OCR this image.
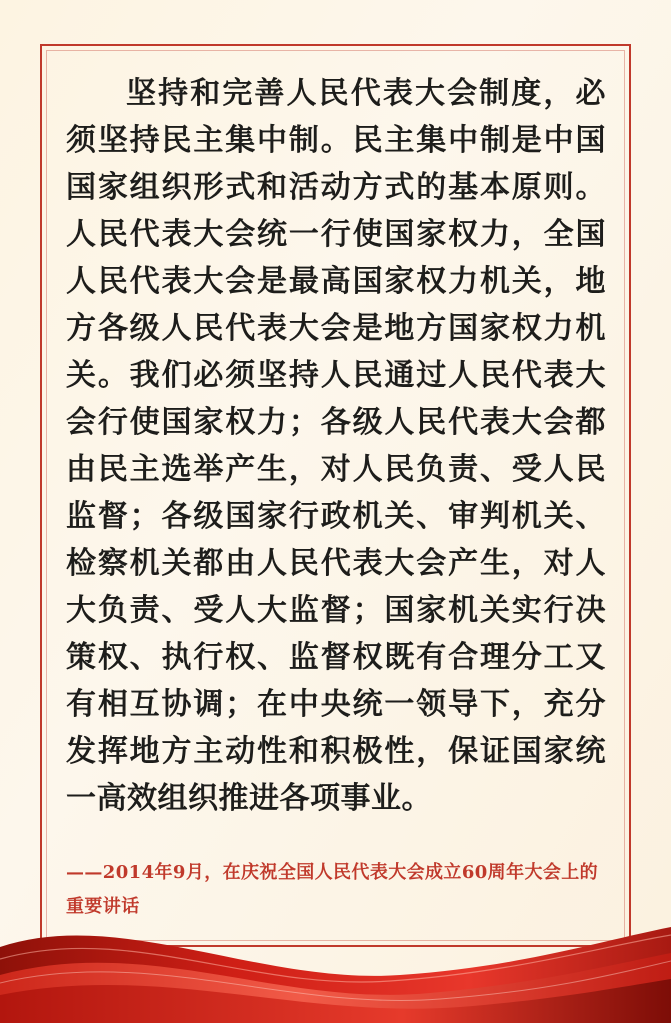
坚持和完善人民代表大会制度，必须坚持民主集中制。民主集中制是中国国家组织形式和活动方式的基本原则。人民代表大会统一行使国家权力，全国人民代表大会是最高国家权力机关，地方各级人民代表大会是地方国家权力机关。我们必须坚持人民通过人民代表大会行使国家权力；各级人民代表大会都由民主选举产生，对人民负责、受人民监督；各级国家行政机关、审判机关、检察机关都由人民代表大会产生，对人大负责、受人大监督；国家机关实行决策权、执行权、监督权既有合理分工又有相互协调；在中央统一领导下，充分发挥地方主动性和积极性，保证国家统一高效组织推进各项事业。

——2014年9月，在庆祝全国人民代表大会成立60周年大会上的重要讲话
